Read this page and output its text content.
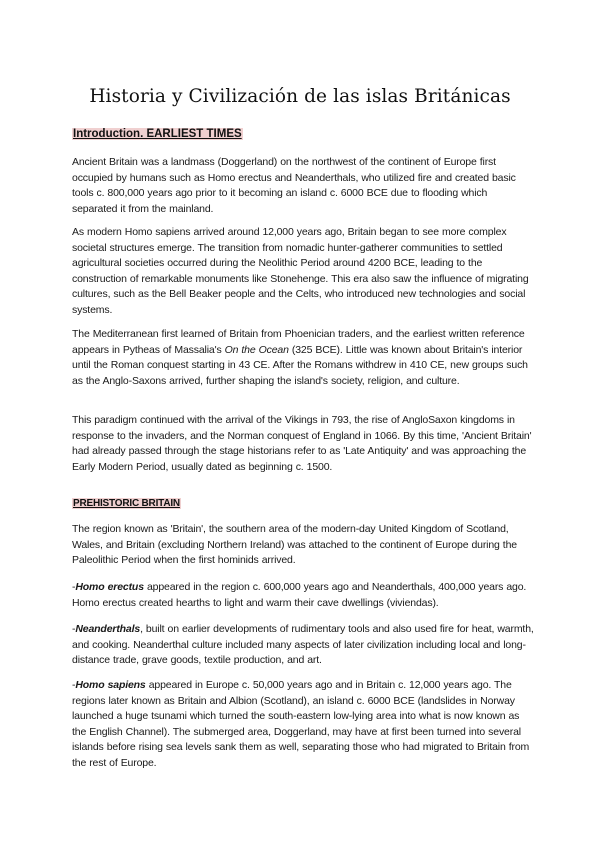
Historia y Civilización de las islas Británicas
Introduction. EARLIEST TIMES

Ancient Britain was a landmass (Doggerland) on the northwest of the continent of Europe first occupied by humans such as Homo erectus and Neanderthals, who utilized fire and created basic tools c. 800,000 years ago prior to it becoming an island c. 6000 BCE due to flooding which separated it from the mainland.

As modern Homo sapiens arrived around 12,000 years ago, Britain began to see more complex societal structures emerge. The transition from nomadic hunter-gatherer communities to settled agricultural societies occurred during the Neolithic Period around 4200 BCE, leading to the construction of remarkable monuments like Stonehenge. This era also saw the influence of migrating cultures, such as the Bell Beaker people and the Celts, who introduced new technologies and social systems.

The Mediterranean first learned of Britain from Phoenician traders, and the earliest written reference appears in Pytheas of Massalia's On the Ocean (325 BCE). Little was known about Britain's interior until the Roman conquest starting in 43 CE. After the Romans withdrew in 410 CE, new groups such as the Anglo-Saxons arrived, further shaping the island's society, religion, and culture.

This paradigm continued with the arrival of the Vikings in 793, the rise of AngloSaxon kingdoms in response to the invaders, and the Norman conquest of England in 1066. By this time, 'Ancient Britain' had already passed through the stage historians refer to as 'Late Antiquity' and was approaching the Early Modern Period, usually dated as beginning c. 1500.

PREHISTORIC BRITAIN

The region known as 'Britain', the southern area of the modern-day United Kingdom of Scotland, Wales, and Britain (excluding Northern Ireland) was attached to the continent of Europe during the Paleolithic Period when the first hominids arrived.

-Homo erectus appeared in the region c. 600,000 years ago and Neanderthals, 400,000 years ago. Homo erectus created hearths to light and warm their cave dwellings (viviendas).

-Neanderthals, built on earlier developments of rudimentary tools and also used fire for heat, warmth, and cooking. Neanderthal culture included many aspects of later civilization including local and long-distance trade, grave goods, textile production, and art.

-Homo sapiens appeared in Europe c. 50,000 years ago and in Britain c. 12,000 years ago. The regions later known as Britain and Albion (Scotland), an island c. 6000 BCE (landslides in Norway launched a huge tsunami which turned the south-eastern low-lying area into what is now known as the English Channel). The submerged area, Doggerland, may have at first been turned into several islands before rising sea levels sank them as well, separating those who had migrated to Britain from the rest of Europe.
